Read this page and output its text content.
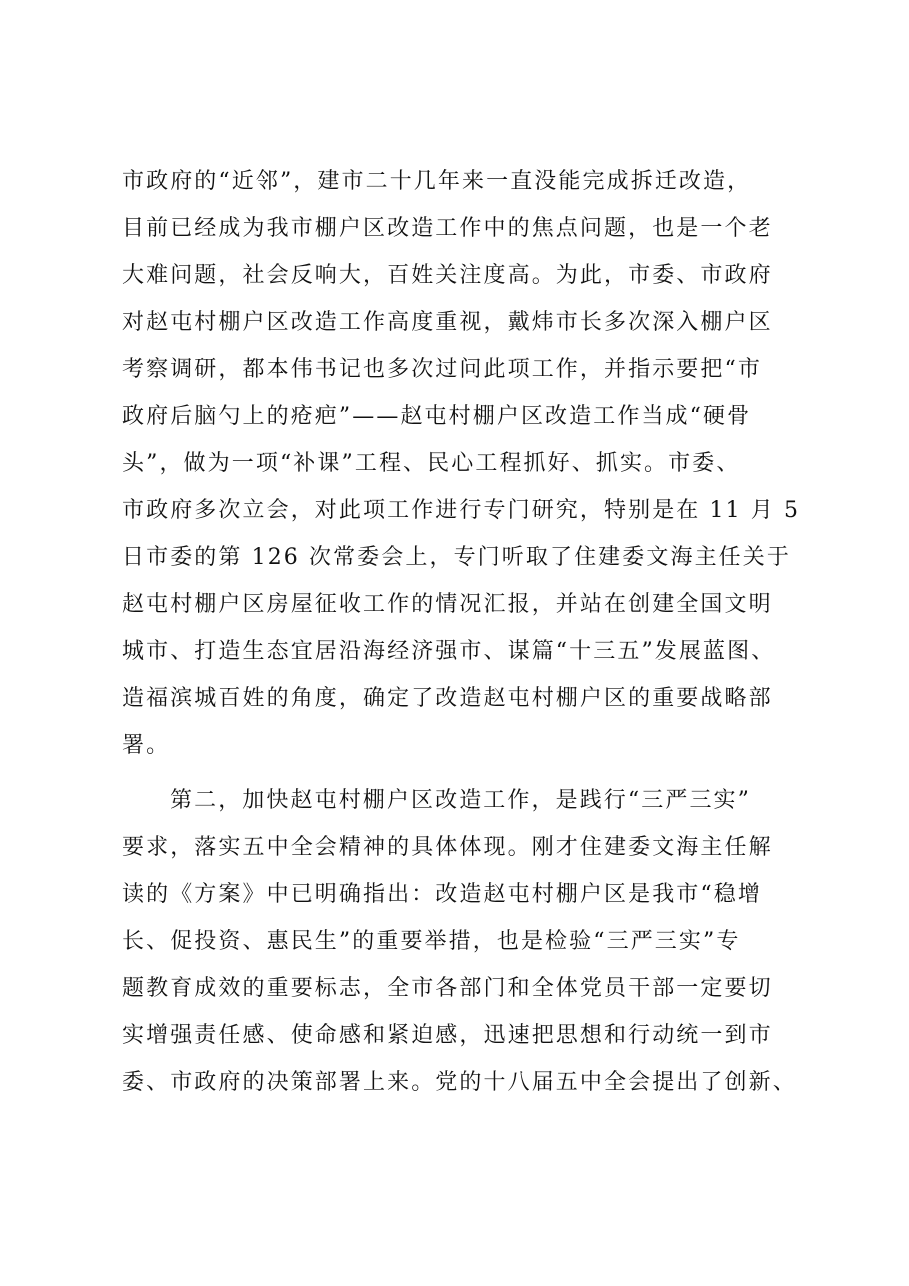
市政府的“近邻”，建市二十几年来一直没能完成拆迁改造，
目前已经成为我市棚户区改造工作中的焦点问题，也是一个老
大难问题，社会反响大，百姓关注度高。为此，市委、市政府
对赵屯村棚户区改造工作高度重视，戴炜市长多次深入棚户区
考察调研，都本伟书记也多次过问此项工作，并指示要把“市
政府后脑勺上的疮疤”——赵屯村棚户区改造工作当成“硬骨
头”，做为一项“补课”工程、民心工程抓好、抓实。市委、
市政府多次立会，对此项工作进行专门研究，特别是在 11 月 5
日市委的第 126 次常委会上，专门听取了住建委文海主任关于
赵屯村棚户区房屋征收工作的情况汇报，并站在创建全国文明
城市、打造生态宜居沿海经济强市、谋篇“十三五”发展蓝图、
造福滨城百姓的角度，确定了改造赵屯村棚户区的重要战略部
署。
第二，加快赵屯村棚户区改造工作，是践行“三严三实”
要求，落实五中全会精神的具体体现。刚才住建委文海主任解
读的《方案》中已明确指出：改造赵屯村棚户区是我市“稳增
长、促投资、惠民生”的重要举措，也是检验“三严三实”专
题教育成效的重要标志，全市各部门和全体党员干部一定要切
实增强责任感、使命感和紧迫感，迅速把思想和行动统一到市
委、市政府的决策部署上来。党的十八届五中全会提出了创新、
